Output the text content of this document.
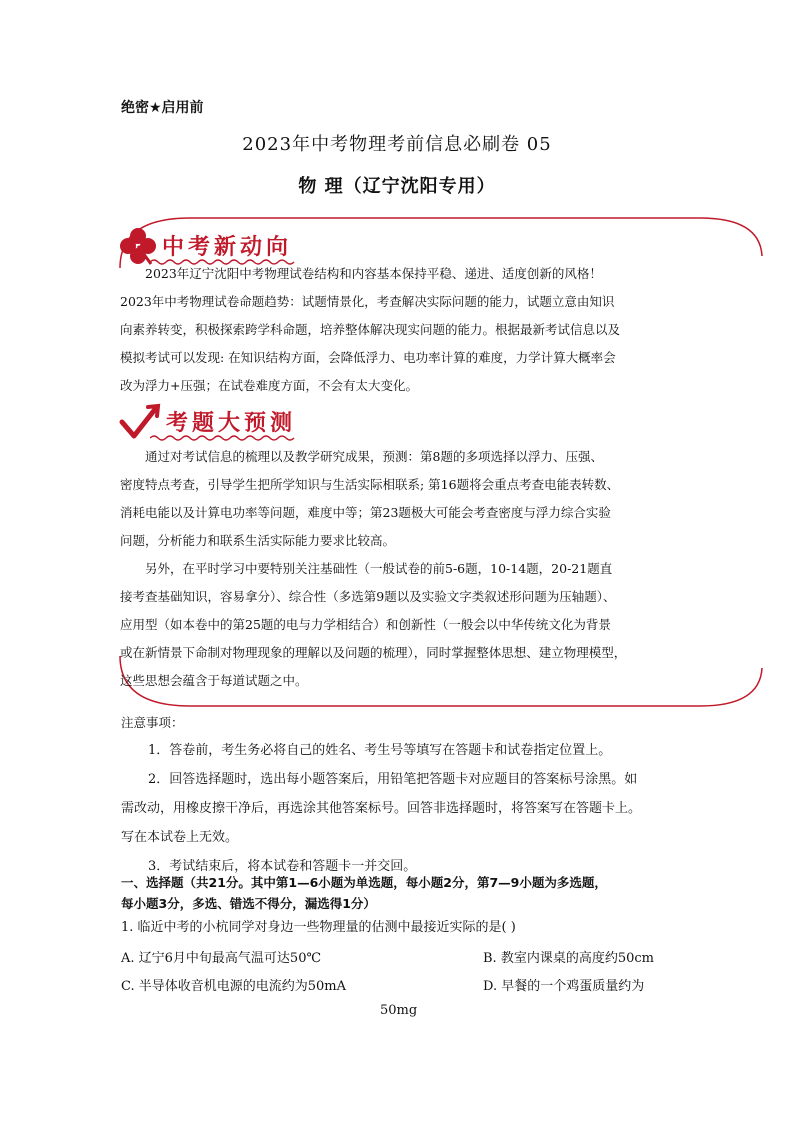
绝密★启用前
2023年中考物理考前信息必刷卷 05
物 理（辽宁沈阳专用）
中考新动向
2023年辽宁沈阳中考物理试卷结构和内容基本保持平稳、递进、适度创新的风格！
2023年中考物理试卷命题趋势：试题情景化，考查解决实际问题的能力，试题立意由知识
向素养转变，积极探索跨学科命题，培养整体解决现实问题的能力。根据最新考试信息以及
模拟考试可以发现: 在知识结构方面，会降低浮力、电功率计算的难度，力学计算大概率会
改为浮力+压强；在试卷难度方面，不会有太大变化。
考题大预测
通过对考试信息的梳理以及教学研究成果，预测：第8题的多项选择以浮力、压强、
密度特点考查，引导学生把所学知识与生活实际相联系; 第16题将会重点考查电能表转数、
消耗电能以及计算电功率等问题，难度中等；第23题极大可能会考查密度与浮力综合实验
问题，分析能力和联系生活实际能力要求比较高。
另外，在平时学习中要特别关注基础性（一般试卷的前5-6题，10-14题，20-21题直
接考查基础知识，容易拿分）、综合性（多选第9题以及实验文字类叙述形问题为压轴题）、
应用型（如本卷中的第25题的电与力学相结合）和创新性（一般会以中华传统文化为背景
或在新情景下命制对物理现象的理解以及问题的梳理），同时掌握整体思想、建立物理模型，
这些思想会蕴含于每道试题之中。
注意事项：
1．答卷前，考生务必将自己的姓名、考生号等填写在答题卡和试卷指定位置上。
2．回答选择题时，选出每小题答案后，用铅笔把答题卡对应题目的答案标号涂黑。如
需改动，用橡皮擦干净后，再选涂其他答案标号。回答非选择题时，将答案写在答题卡上。
写在本试卷上无效。
3．考试结束后，将本试卷和答题卡一并交回。
一、选择题（共21分。其中第1—6小题为单选题，每小题2分，第7—9小题为多选题，
每小题3分，多选、错选不得分，漏选得1分）
1. 临近中考的小杭同学对身边一些物理量的估测中最接近实际的是( )
A. 辽宁6月中旬最高气温可达50℃	B. 教室内课桌的高度约50cm
C. 半导体收音机电源的电流约为50mA	D. 早餐的一个鸡蛋质量约为
50mg
